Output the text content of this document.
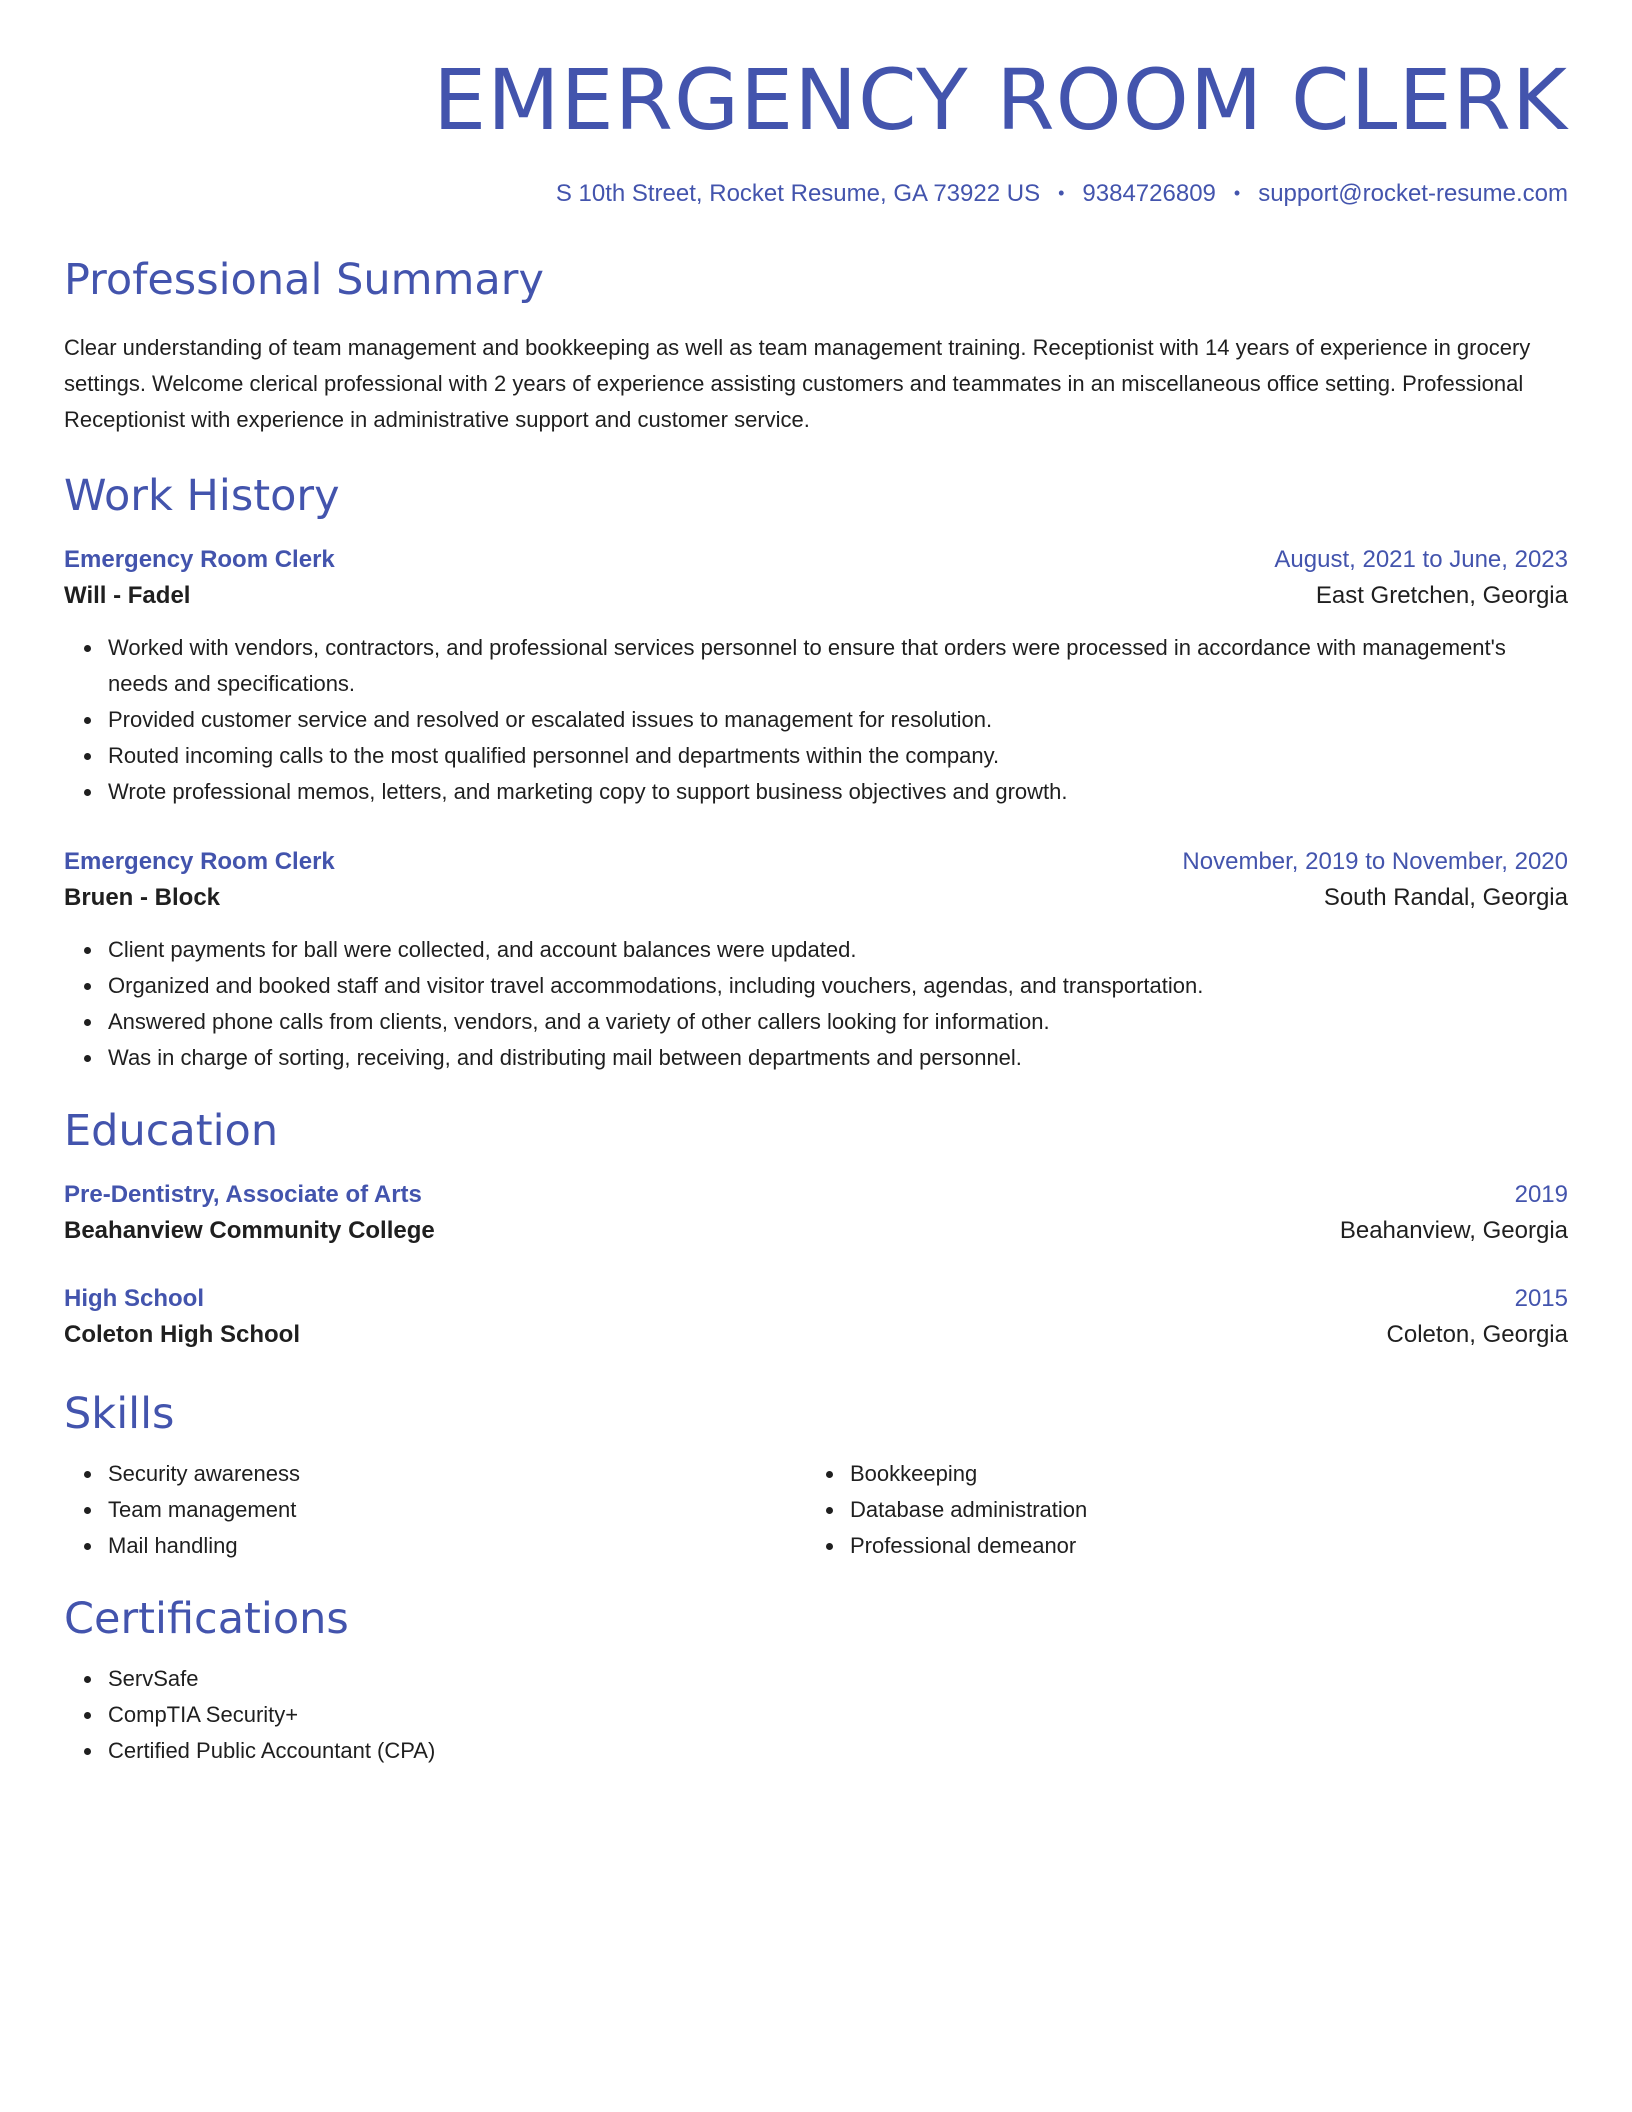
EMERGENCY ROOM CLERK
S 10th Street, Rocket Resume, GA 73922 US • 9384726809 • support@rocket-resume.com
Professional Summary
Clear understanding of team management and bookkeeping as well as team management training. Receptionist with 14 years of experience in grocery settings. Welcome clerical professional with 2 years of experience assisting customers and teammates in an miscellaneous office setting. Professional Receptionist with experience in administrative support and customer service.
Work History
Emergency Room Clerk	August, 2021 to June, 2023
Will - Fadel	East Gretchen, Georgia
Worked with vendors, contractors, and professional services personnel to ensure that orders were processed in accordance with management's needs and specifications.
Provided customer service and resolved or escalated issues to management for resolution.
Routed incoming calls to the most qualified personnel and departments within the company.
Wrote professional memos, letters, and marketing copy to support business objectives and growth.
Emergency Room Clerk	November, 2019 to November, 2020
Bruen - Block	South Randal, Georgia
Client payments for ball were collected, and account balances were updated.
Organized and booked staff and visitor travel accommodations, including vouchers, agendas, and transportation.
Answered phone calls from clients, vendors, and a variety of other callers looking for information.
Was in charge of sorting, receiving, and distributing mail between departments and personnel.
Education
Pre-Dentistry, Associate of Arts	2019
Beahanview Community College	Beahanview, Georgia
High School	2015
Coleton High School	Coleton, Georgia
Skills
Security awareness
Team management
Mail handling
Bookkeeping
Database administration
Professional demeanor
Certifications
ServSafe
CompTIA Security+
Certified Public Accountant (CPA)
